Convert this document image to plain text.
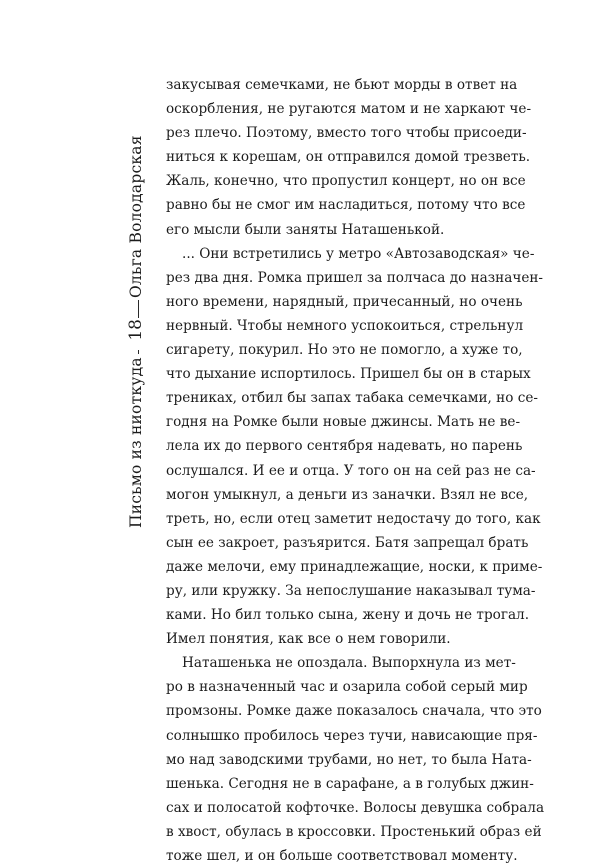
Ольга Володарская
18
Письмо из ниоткуда
закусывая семечками, не бьют морды в ответ на
оскорбления, не ругаются матом и не харкают че-
рез плечо. Поэтому, вместо того чтобы присоеди-
ниться к корешам, он отправился домой трезветь.
Жаль, конечно, что пропустил концерт, но он все
равно бы не смог им насладиться, потому что все
его мысли были заняты Наташенькой.
... Они встретились у метро «Автозаводская» че-
рез два дня. Ромка пришел за полчаса до назначен-
ного времени, нарядный, причесанный, но очень
нервный. Чтобы немного успокоиться, стрельнул
сигарету, покурил. Но это не помогло, а хуже то,
что дыхание испортилось. Пришел бы он в старых
трениках, отбил бы запах табака семечками, но се-
годня на Ромке были новые джинсы. Мать не ве-
лела их до первого сентября надевать, но парень
ослушался. И ее и отца. У того он на сей раз не са-
могон умыкнул, а деньги из заначки. Взял не все,
треть, но, если отец заметит недостачу до того, как
сын ее закроет, разъярится. Батя запрещал брать
даже мелочи, ему принадлежащие, носки, к приме-
ру, или кружку. За непослушание наказывал тума-
ками. Но бил только сына, жену и дочь не трогал.
Имел понятия, как все о нем говорили.
Наташенька не опоздала. Выпорхнула из мет-
ро в назначенный час и озарила собой серый мир
промзоны. Ромке даже показалось сначала, что это
солнышко пробилось через тучи, нависающие пря-
мо над заводскими трубами, но нет, то была Ната-
шенька. Сегодня не в сарафане, а в голубых джин-
сах и полосатой кофточке. Волосы девушка собрала
в хвост, обулась в кроссовки. Простенький образ ей
тоже шел, и он больше соответствовал моменту.
